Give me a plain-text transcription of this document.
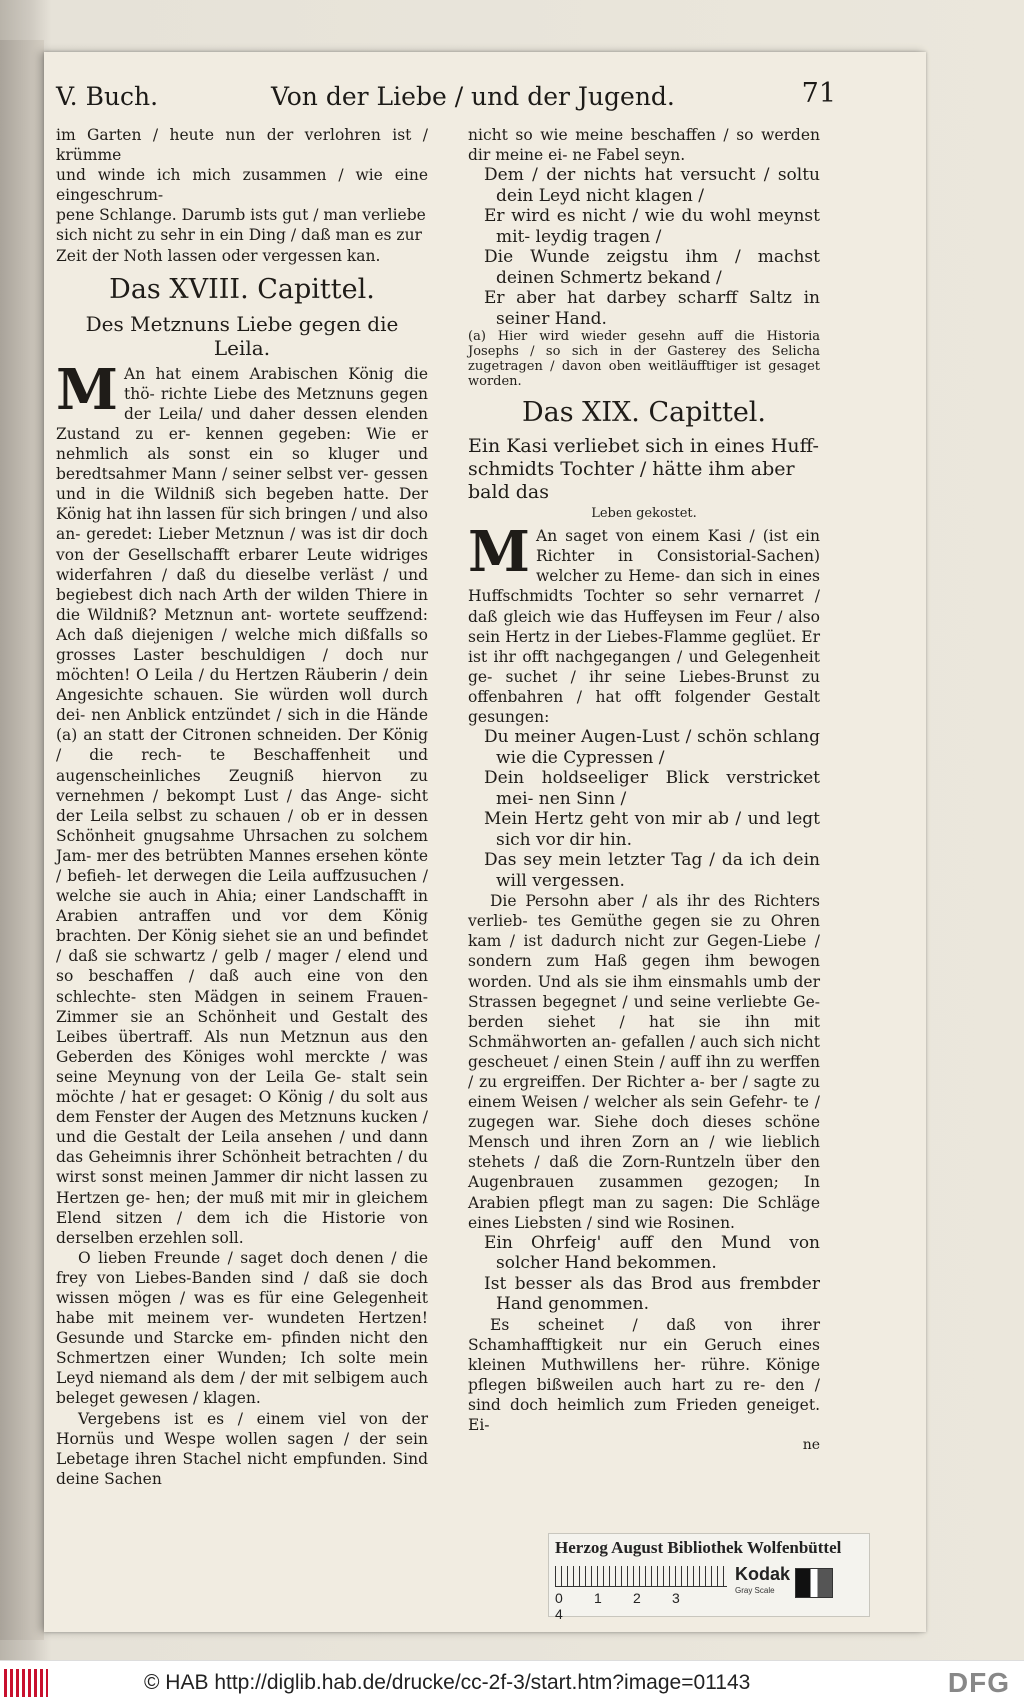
V. Buch.	Von der Liebe / und der Jugend.	71

im Garten / heute nun der verlohren ist / krümme

und winde ich mich zusammen / wie eine eingeschrum-

pene Schlange. Darumb ists gut / man verliebe

sich nicht zu sehr in ein Ding / daß man es zur

Zeit der Noth lassen oder vergessen kan.

Das XVIII. Capittel.
Des Metznuns Liebe gegen die Leila.

M An hat einem Arabischen König die thö- richte Liebe des Metznuns gegen der Leila/ und daher dessen elenden Zustand zu er- kennen gegeben: Wie er nehmlich als sonst ein so kluger und beredtsahmer Mann / seiner selbst ver- gessen und in die Wildniß sich begeben hatte. Der König hat ihn lassen für sich bringen / und also an- geredet: Lieber Metznun / was ist dir doch von der Gesellschafft erbarer Leute widriges widerfahren / daß du dieselbe verläst / und begiebest dich nach Arth der wilden Thiere in die Wildniß? Metznun ant- wortete seuffzend: Ach daß diejenigen / welche mich dißfalls so grosses Laster beschuldigen / doch nur möchten! O Leila / du Hertzen Räuberin / dein Angesichte schauen. Sie würden woll durch dei- nen Anblick entzündet / sich in die Hände (a) an statt der Citronen schneiden. Der König / die rech- te Beschaffenheit und augenscheinliches Zeugniß hiervon zu vernehmen / bekompt Lust / das Ange- sicht der Leila selbst zu schauen / ob er in dessen Schönheit gnugsahme Uhrsachen zu solchem Jam- mer des betrübten Mannes ersehen könte / befieh- let derwegen die Leila auffzusuchen / welche sie auch in Ahia; einer Landschafft in Arabien antraffen und vor dem König brachten. Der König siehet sie an und befindet / daß sie schwartz / gelb / mager / elend und so beschaffen / daß auch eine von den schlechte- sten Mädgen in seinem Frauen-Zimmer sie an Schönheit und Gestalt des Leibes übertraff. Als nun Metznun aus den Geberden des Königes wohl merckte / was seine Meynung von der Leila Ge- stalt sein möchte / hat er gesaget: O König / du solt aus dem Fenster der Augen des Metznuns kucken / und die Gestalt der Leila ansehen / und dann das Geheimnis ihrer Schönheit betrachten / du wirst sonst meinen Jammer dir nicht lassen zu Hertzen ge- hen; der muß mit mir in gleichem Elend sitzen / dem ich die Historie von derselben erzehlen soll.

O lieben Freunde / saget doch denen / die frey von Liebes-Banden sind / daß sie doch wissen mögen / was es für eine Gelegenheit habe mit meinem ver- wundeten Hertzen! Gesunde und Starcke em- pfinden nicht den Schmertzen einer Wunden; Ich solte mein Leyd niemand als dem / der mit selbigem auch beleget gewesen / klagen.

Vergebens ist es / einem viel von der Hornüs und Wespe wollen sagen / der sein Lebetage ihren Stachel nicht empfunden. Sind deine Sachen

nicht so wie meine beschaffen / so werden dir meine ei- ne Fabel seyn.

Dem / der nichts hat versucht / soltu dein Leyd nicht klagen /

Er wird es nicht / wie du wohl meynst mit- leydig tragen /

Die Wunde zeigstu ihm / machst deinen Schmertz bekand /

Er aber hat darbey scharff Saltz in seiner Hand.

(a) Hier wird wieder gesehn auff die Historia Josephs / so sich in der Gasterey des Selicha zugetragen / davon oben weitläufftiger ist gesaget worden.

Das XIX. Capittel.
Ein Kasi verliebet sich in eines Huff- schmidts Tochter / hätte ihm aber bald das
Leben gekostet.

M An saget von einem Kasi / (ist ein Richter in Consistorial-Sachen) welcher zu Heme- dan sich in eines Huffschmidts Tochter so sehr vernarret / daß gleich wie das Huffeysen im Feur / also sein Hertz in der Liebes-Flamme geglüet. Er ist ihr offt nachgegangen / und Gelegenheit ge- suchet / ihr seine Liebes-Brunst zu offenbahren / hat offt folgender Gestalt gesungen:

Du meiner Augen-Lust / schön schlang wie die Cypressen /

Dein holdseeliger Blick verstricket mei- nen Sinn /

Mein Hertz geht von mir ab / und legt sich vor dir hin.

Das sey mein letzter Tag / da ich dein will vergessen.

Die Persohn aber / als ihr des Richters verlieb- tes Gemüthe gegen sie zu Ohren kam / ist dadurch nicht zur Gegen-Liebe / sondern zum Haß gegen ihm bewogen worden. Und als sie ihm einsmahls umb der Strassen begegnet / und seine verliebte Ge- berden siehet / hat sie ihn mit Schmähworten an- gefallen / auch sich nicht gescheuet / einen Stein / auff ihn zu werffen / zu ergreiffen. Der Richter a- ber / sagte zu einem Weisen / welcher als sein Gefehr- te / zugegen war. Siehe doch dieses schöne Mensch und ihren Zorn an / wie lieblich stehets / daß die Zorn-Runtzeln über den Augenbrauen zusammen gezogen; In Arabien pflegt man zu sagen: Die Schläge eines Liebsten / sind wie Rosinen.

Ein Ohrfeig' auff den Mund von solcher Hand bekommen.

Ist besser als das Brod aus frembder Hand genommen.

Es scheinet / daß von ihrer Schamhafftigkeit nur ein Geruch eines kleinen Muthwillens her- rühre. Könige pflegen bißweilen auch hart zu re- den / sind doch heimlich zum Frieden geneiget. Ei-

ne

Herzog August Bibliothek Wolfenbüttel
0 1 2 34
Kodak
Gray Scale
© HAB http://diglib.hab.de/drucke/cc-2f-3/start.htm?image=01143	DFG
